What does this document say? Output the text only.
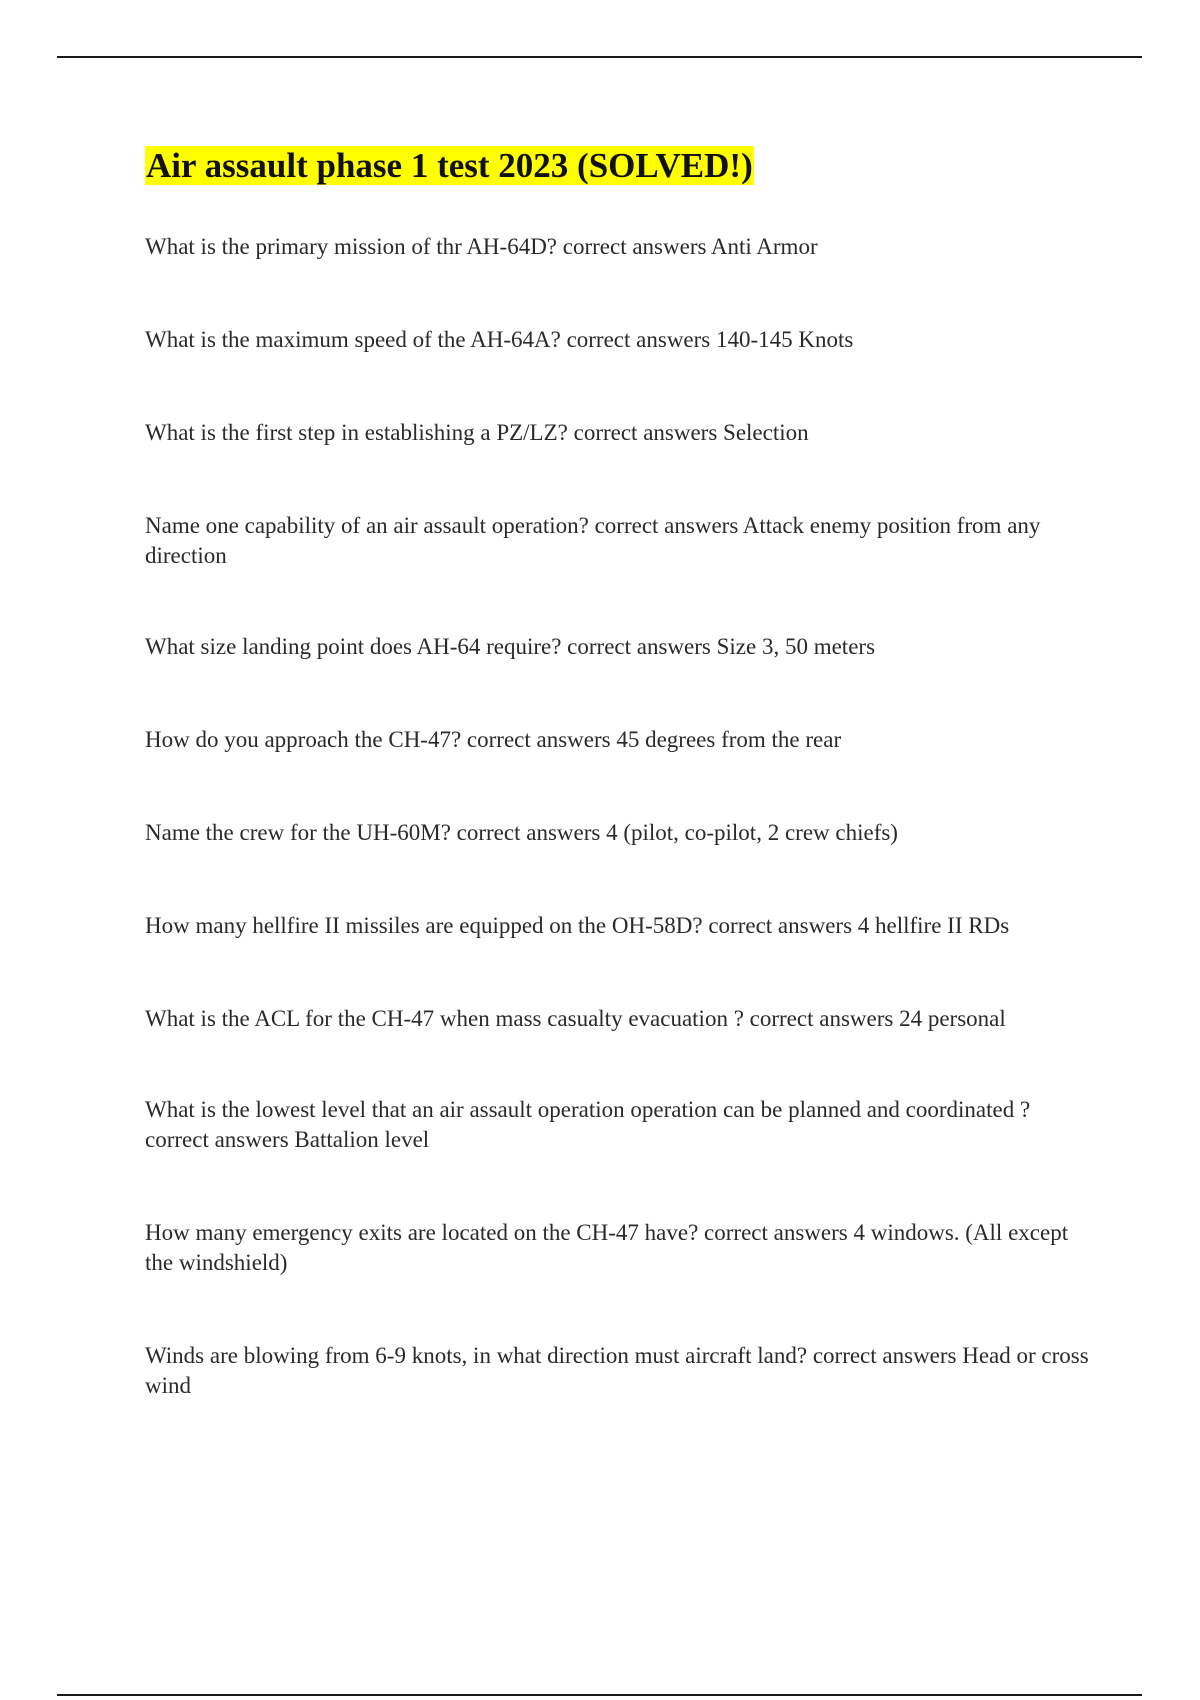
Air assault phase 1 test 2023 (SOLVED!)

What is the primary mission of thr AH-64D? correct answers Anti Armor

What is the maximum speed of the AH-64A? correct answers 140-145 Knots

What is the first step in establishing a PZ/LZ? correct answers Selection

Name one capability of an air assault operation? correct answers Attack enemy position from any direction

What size landing point does AH-64 require? correct answers Size 3, 50 meters

How do you approach the CH-47? correct answers 45 degrees from the rear

Name the crew for the UH-60M? correct answers 4 (pilot, co-pilot, 2 crew chiefs)

How many hellfire II missiles are equipped on the OH-58D? correct answers 4 hellfire II RDs

What is the ACL for the CH-47 when mass casualty evacuation ? correct answers 24 personal

What is the lowest level that an air assault operation operation can be planned and coordinated ? correct answers Battalion level

How many emergency exits are located on the CH-47 have? correct answers 4 windows. (All except the windshield)

Winds are blowing from 6-9 knots, in what direction must aircraft land? correct answers Head or cross wind
